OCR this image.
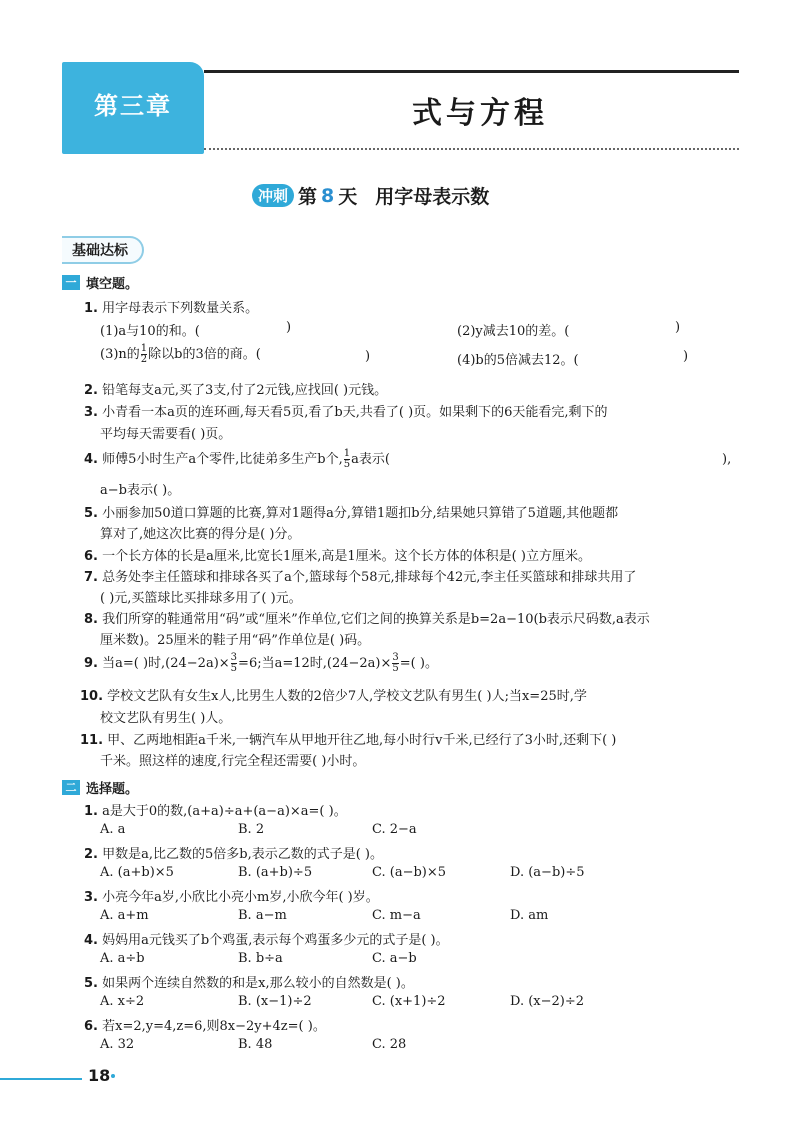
第三章	式与方程
冲刺 第 8 天 用字母表示数
基础达标
一 填空题。
1. 用字母表示下列数量关系。
(1)a与10的和。(	)	(2)y减去10的差。(	)
(3)n的 $\frac{1}{2}$ 除以b的3倍的商。(	)	(4)b的5倍减去12。(	)
2. 铅笔每支a元,买了3支,付了2元钱,应找回( )元钱。
3. 小青看一本a页的连环画,每天看5页,看了b天,共看了( )页。如果剩下的6天能看完,剩下的
平均每天需要看( )页。
4. 师傅5小时生产a个零件,比徒弟多生产b个, $\frac{1}{5}$ a表示(	),
a−b表示( )。
5. 小丽参加50道口算题的比赛,算对1题得a分,算错1题扣b分,结果她只算错了5道题,其他题都
算对了,她这次比赛的得分是( )分。
6. 一个长方体的长是a厘米,比宽长1厘米,高是1厘米。这个长方体的体积是( )立方厘米。
7. 总务处李主任篮球和排球各买了a个,篮球每个58元,排球每个42元,李主任买篮球和排球共用了
( )元,买篮球比买排球多用了( )元。
8. 我们所穿的鞋通常用“码”或“厘米”作单位,它们之间的换算关系是b=2a−10(b表示尺码数,a表示
厘米数)。25厘米的鞋子用“码”作单位是( )码。
9. 当a=( )时$,(24-2a)\times \frac{3}{5} =6$;当a=12时$,(24-2a)\times \frac{3}{5}$ =( )。
10. 学校文艺队有女生x人,比男生人数的2倍少7人,学校文艺队有男生( )人;当x=25时,学
校文艺队有男生( )人。
11. 甲、乙两地相距a千米,一辆汽车从甲地开往乙地,每小时行v千米,已经行了3小时,还剩下( )
千米。照这样的速度,行完全程还需要( )小时。
二 选择题。
1. a是大于0的数,(a+a)÷a+(a−a)×a=( )。
A. a	B. 2	C. 2−a
2. 甲数是a,比乙数的5倍多b,表示乙数的式子是( )。
A. (a+b)×5	B. (a+b)÷5	C. (a−b)×5	D. (a−b)÷5
3. 小亮今年a岁,小欣比小亮小m岁,小欣今年( )岁。
A. a+m	B. a−m	C. m−a	D. am
4. 妈妈用a元钱买了b个鸡蛋,表示每个鸡蛋多少元的式子是( )。
A. a÷b	B. b÷a	C. a−b
5. 如果两个连续自然数的和是x,那么较小的自然数是( )。
A. x÷2	B. (x−1)÷2	C. (x+1)÷2	D. (x−2)÷2
6. 若x=2,y=4,z=6,则8x−2y+4z=( )。
A. 32	B. 48	C. 28
18
